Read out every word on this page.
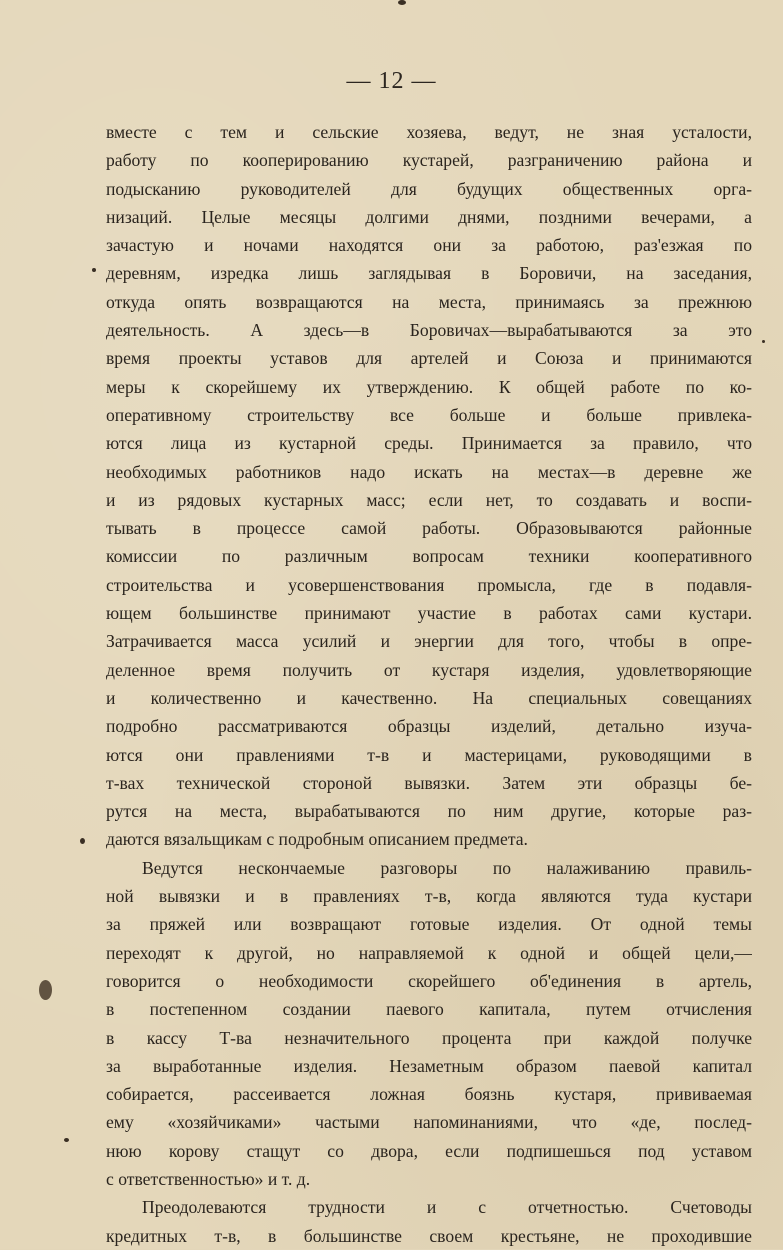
— 12 —
вместе с тем и сельские хозяева, ведут, не зная усталости,
работу по кооперированию кустарей, разграничению района и
подысканию руководителей для будущих общественных орга-
низаций. Целые месяцы долгими днями, поздними вечерами, а
зачастую и ночами находятся они за работою, раз'езжая по
деревням, изредка лишь заглядывая в Боровичи, на заседания,
откуда опять возвращаются на места, принимаясь за прежнюю
деятельность. А здесь—в Боровичах—вырабатываются за это
время проекты уставов для артелей и Союза и принимаются
меры к скорейшему их утверждению. К общей работе по ко-
оперативному строительству все больше и больше привлека-
ются лица из кустарной среды. Принимается за правило, что
необходимых работников надо искать на местах—в деревне же
и из рядовых кустарных масс; если нет, то создавать и воспи-
тывать в процессе самой работы. Образовываются районные
комиссии по различным вопросам техники кооперативного
строительства и усовершенствования промысла, где в подавля-
ющем большинстве принимают участие в работах сами кустари.
Затрачивается масса усилий и энергии для того, чтобы в опре-
деленное время получить от кустаря изделия, удовлетворяющие
и количественно и качественно. На специальных совещаниях
подробно рассматриваются образцы изделий, детально изуча-
ются они правлениями т-в и мастерицами, руководящими в
т-вах технической стороной вывязки. Затем эти образцы бе-
рутся на места, вырабатываются по ним другие, которые раз-
даются вязальщикам с подробным описанием предмета.
Ведутся нескончаемые разговоры по налаживанию правиль-
ной вывязки и в правлениях т-в, когда являются туда кустари
за пряжей или возвращают готовые изделия. От одной темы
переходят к другой, но направляемой к одной и общей цели,—
говорится о необходимости скорейшего об'единения в артель,
в постепенном создании паевого капитала, путем отчисления
в кассу Т-ва незначительного процента при каждой получке
за выработанные изделия. Незаметным образом паевой капитал
собирается, рассеивается ложная боязнь кустаря, прививаемая
ему «хозяйчиками» частыми напоминаниями, что «де, послед-
нюю корову стащут со двора, если подпишешься под уставом
с ответственностью» и т. д.
Преодолеваются трудности и с отчетностью. Счетоводы
кредитных т-в, в большинстве своем крестьяне, не проходившие
